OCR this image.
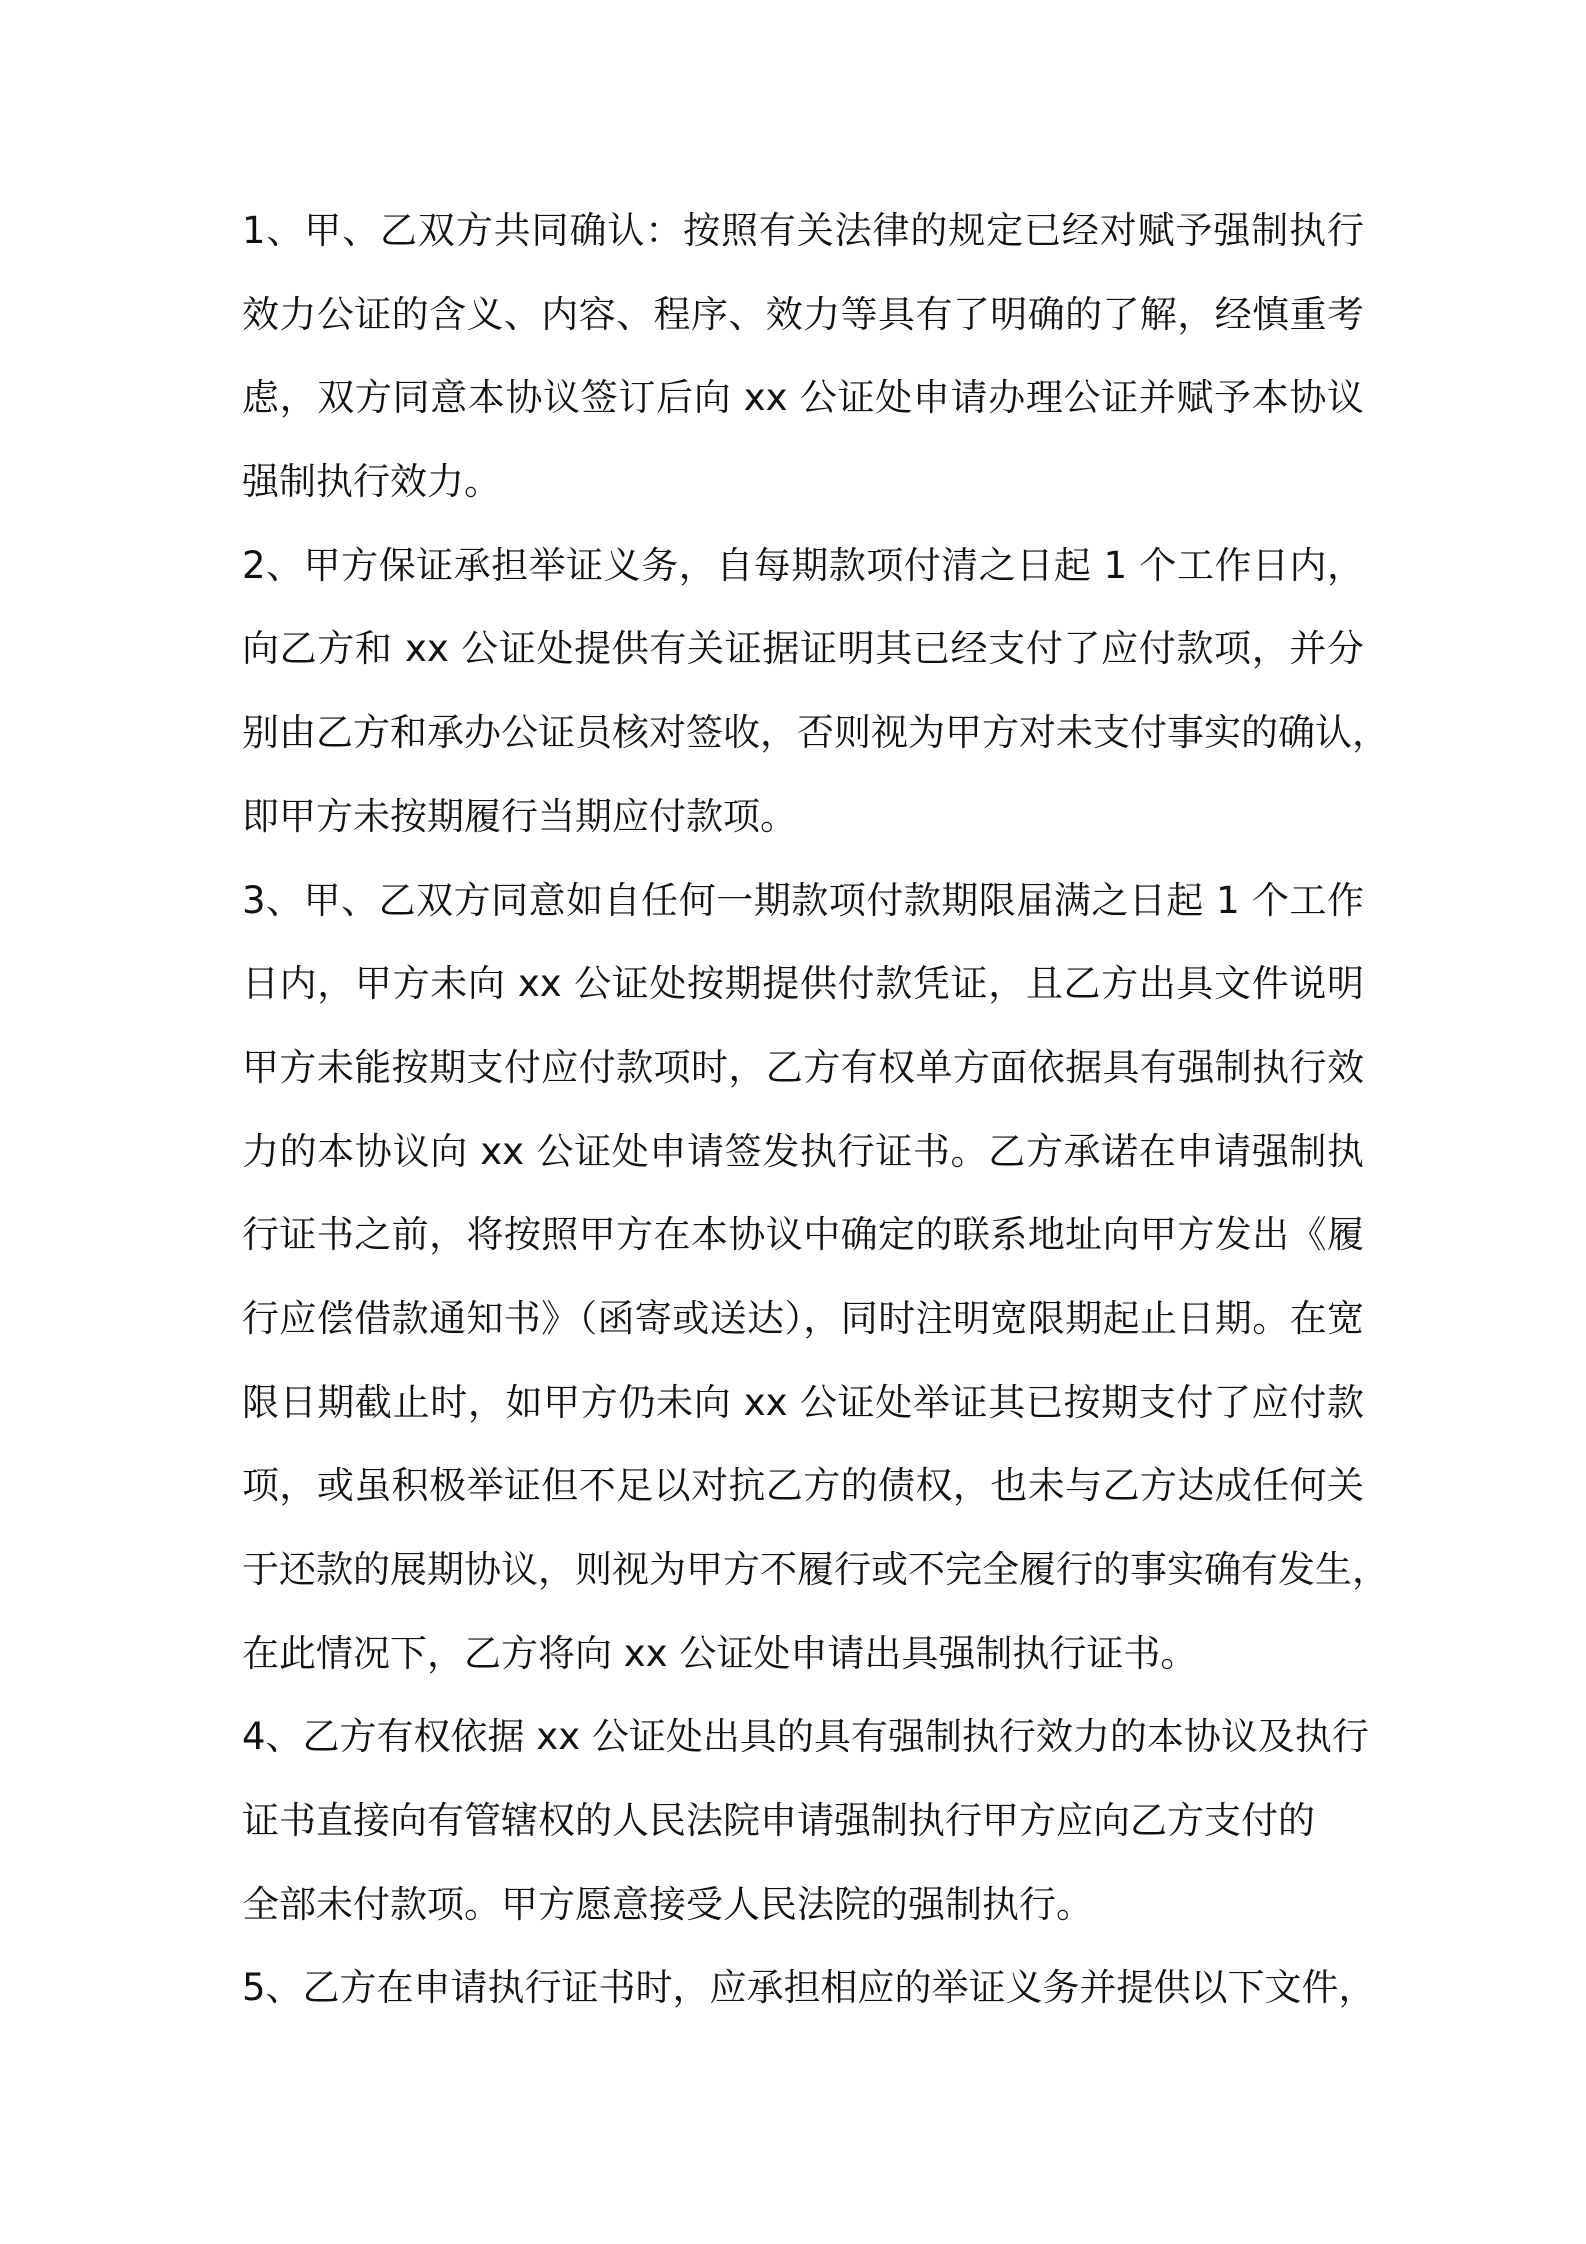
1、甲、乙双方共同确认：按照有关法律的规定已经对赋予强制执行
效力公证的含义、内容、程序、效力等具有了明确的了解，经慎重考
虑，双方同意本协议签订后向 xx 公证处申请办理公证并赋予本协议
强制执行效力。
2、甲方保证承担举证义务，自每期款项付清之日起 1 个工作日内，
向乙方和 xx 公证处提供有关证据证明其已经支付了应付款项，并分
别由乙方和承办公证员核对签收，否则视为甲方对未支付事实的确认，
即甲方未按期履行当期应付款项。
3、甲、乙双方同意如自任何一期款项付款期限届满之日起 1 个工作
日内，甲方未向 xx 公证处按期提供付款凭证，且乙方出具文件说明
甲方未能按期支付应付款项时，乙方有权单方面依据具有强制执行效
力的本协议向 xx 公证处申请签发执行证书。乙方承诺在申请强制执
行证书之前，将按照甲方在本协议中确定的联系地址向甲方发出《履
行应偿借款通知书》（函寄或送达），同时注明宽限期起止日期。在宽
限日期截止时，如甲方仍未向 xx 公证处举证其已按期支付了应付款
项，或虽积极举证但不足以对抗乙方的债权，也未与乙方达成任何关
于还款的展期协议，则视为甲方不履行或不完全履行的事实确有发生，
在此情况下，乙方将向 xx 公证处申请出具强制执行证书。
4、乙方有权依据 xx 公证处出具的具有强制执行效力的本协议及执行
证书直接向有管辖权的人民法院申请强制执行甲方应向乙方支付的
全部未付款项。甲方愿意接受人民法院的强制执行。
5、乙方在申请执行证书时，应承担相应的举证义务并提供以下文件，
